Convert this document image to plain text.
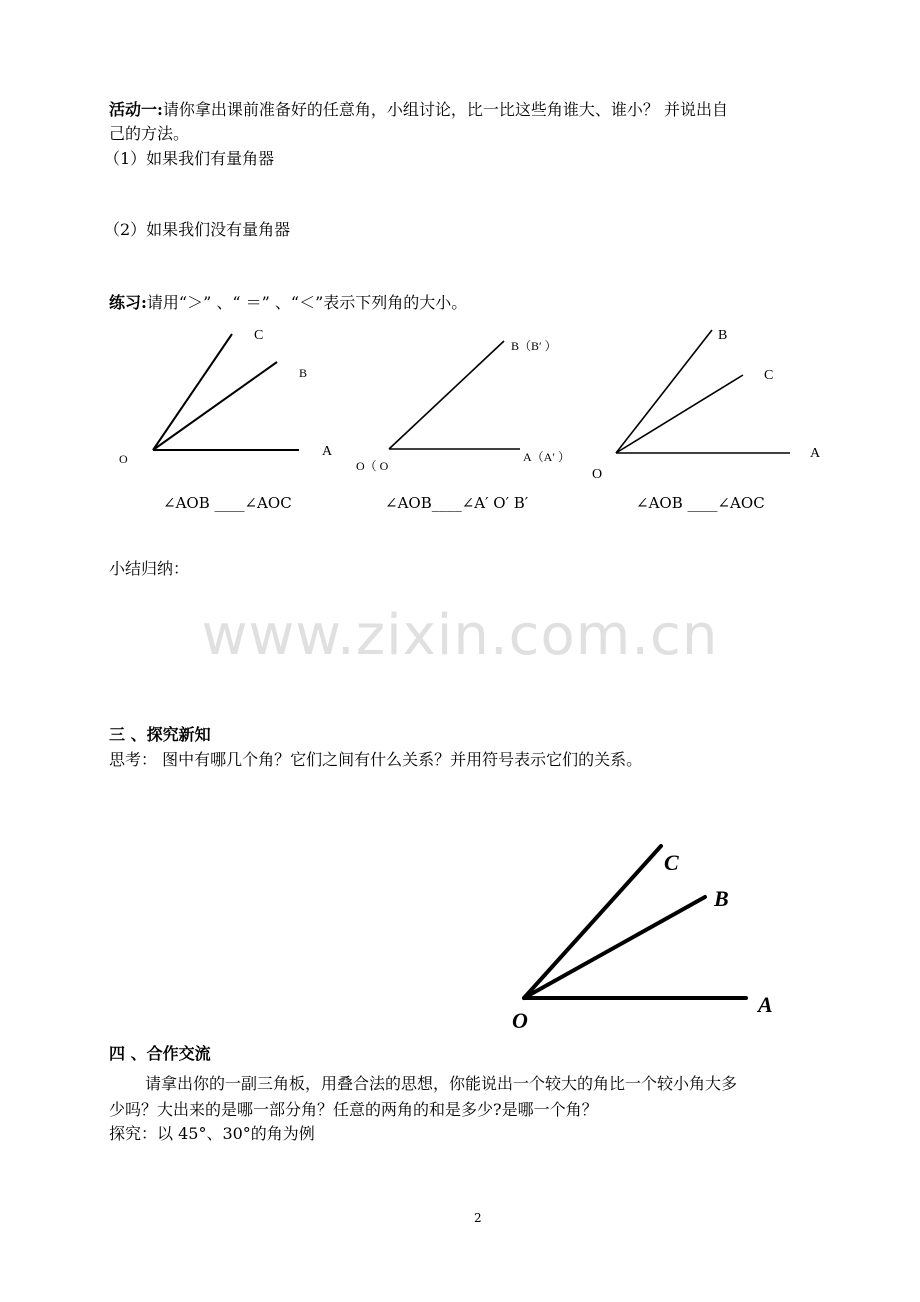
活动一:请你拿出课前准备好的任意角，小组讨论，比一比这些角谁大、谁小？ 并说出自
己的方法。
（1）如果我们有量角器
（2）如果我们没有量角器
练习:请用“＞” 、“ ＝” 、“＜”表示下列角的大小。
C
B
O	A
B（B′ ）
O（ O
A（A′ ）
B
C
O
A
∠AOB ____∠AOC	∠AOB____∠A′ O′ B′	∠AOB ____∠AOC
小结归纳：
www.zixin.com.cn
三 、探究新知
思考： 图中有哪几个角？它们之间有什么关系？并用符号表示它们的关系。
C
B
O
A
四 、合作交流
请拿出你的一副三角板，用叠合法的思想，你能说出一个较大的角比一个较小角大多
少吗？大出来的是哪一部分角？任意的两角的和是多少?是哪一个角？
探究：以 45°、30°的角为例
2
